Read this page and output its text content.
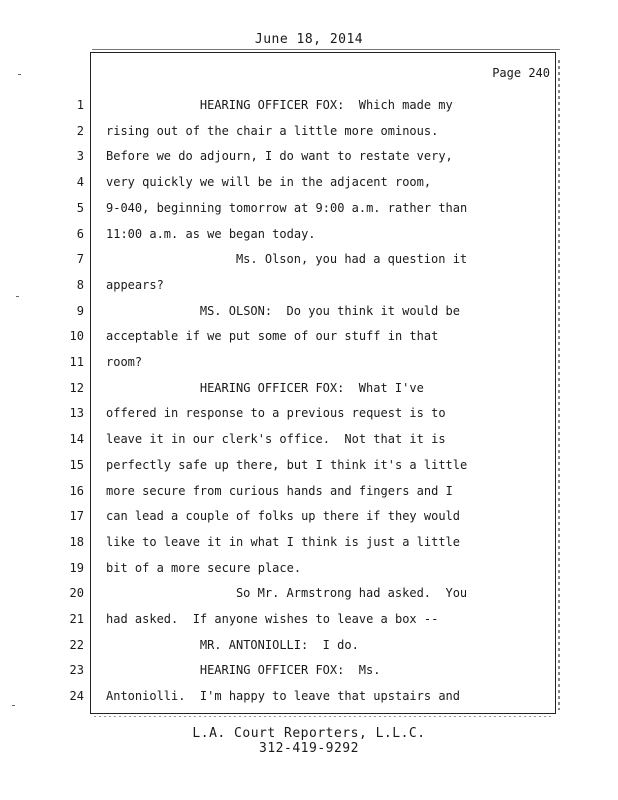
June 18, 2014
Page 240
1	HEARING OFFICER FOX:  Which made my
2 rising out of the chair a little more ominous.
3 Before we do adjourn, I do want to restate very,
4 very quickly we will be in the adjacent room,
5 9-040, beginning tomorrow at 9:00 a.m. rather than
6 11:00 a.m. as we began today.
7	Ms. Olson, you had a question it
8 appears?
9	MS. OLSON:  Do you think it would be
10 acceptable if we put some of our stuff in that
11 room?
12	HEARING OFFICER FOX:  What I've
13 offered in response to a previous request is to
14 leave it in our clerk's office.  Not that it is
15 perfectly safe up there, but I think it's a little
16 more secure from curious hands and fingers and I
17 can lead a couple of folks up there if they would
18 like to leave it in what I think is just a little
19 bit of a more secure place.
20	So Mr. Armstrong had asked.  You
21 had asked.  If anyone wishes to leave a box --
22	MR. ANTONIOLLI:  I do.
23	HEARING OFFICER FOX:  Ms.
24 Antoniolli.  I'm happy to leave that upstairs and
L.A. Court Reporters, L.L.C.
312-419-9292
